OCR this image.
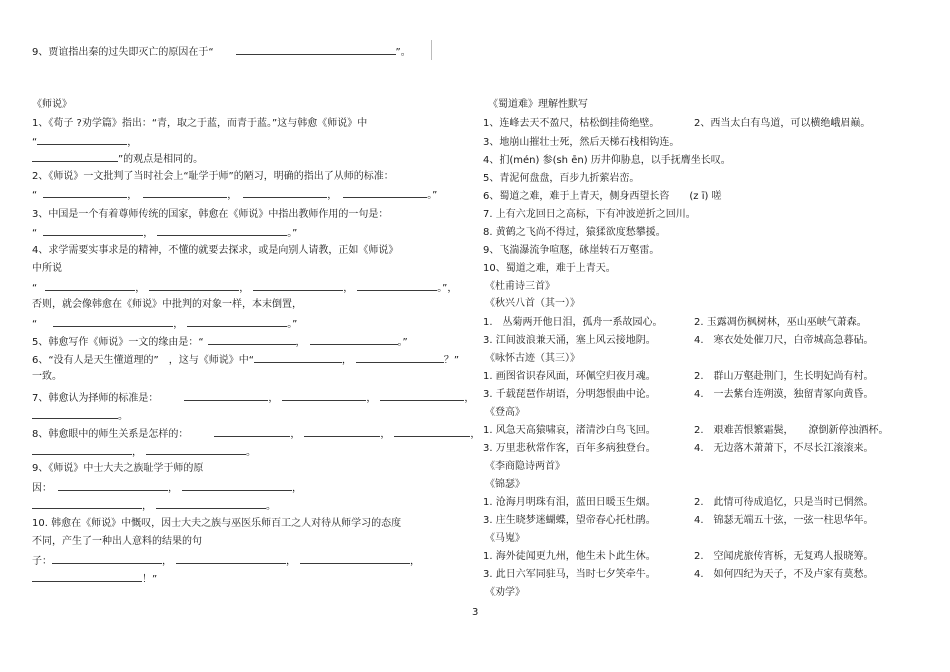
9、贾谊指出秦的过失即灭亡的原因在于“	”。
《师说》
1、《荀子 ?劝学篇》指出：“青，取之于蓝，而青于蓝。”这与韩愈《师说》中
“	，
”的观点是相同的。
2、《师说》一文批判了当时社会上“耻学于师”的陋习，明确的指出了从师的标准：
“	，	，	，	。”
3、中国是一个有着尊师传统的国家，韩愈在《师说》中指出教师作用的一句是：
“	，	。”
4、求学需要实事求是的精神，不懂的就要去探求，或是向别人请教，正如《师说》
中所说
“	，	，	，	。”，
否则，就会像韩愈在《师说》中批判的对象一样，本末倒置，
“	，	。”
5、韩愈写作《师说》一文的缘由是：“	，	。”
6、“没有人是天生懂道理的”　，这与《师说》中“	，	？”
一致。
7、韩愈认为择师的标准是：	，	，	，
。
8、韩愈眼中的师生关系是怎样的：	，	，	，
，	。
9、《师说》中士大夫之族耻学于师的原
因：	，	，
，	。
10. 韩愈在《师说》中慨叹，因士大夫之族与巫医乐师百工之人对待从师学习的态度
不同，产生了一种出人意料的结果的句
子：	，	，	，
！”
《蜀道难》理解性默写
1、连峰去天不盈尺，枯松倒挂倚绝壁。	2、西当太白有鸟道，可以横绝峨眉巅。
3、地崩山摧壮士死，然后天梯石栈相钩连。
4、扪(mén) 参(sh ēn) 历井仰胁息，以手抚膺坐长叹。
5、青泥何盘盘，百步九折萦岩峦。
6、蜀道之难，难于上青天，侧身西望长咨　　(z ī) 嗟
7. 上有六龙回日之高标，下有冲波逆折之回川。
8. 黄鹤之飞尚不得过，猿猱欲度愁攀援。
9、飞湍瀑流争喧豗，砯崖转石万壑雷。
10、蜀道之难，难于上青天。
《杜甫诗三首》
《秋兴八首（其一）》
1.　丛菊两开他日泪，孤舟一系故园心。	2. 玉露凋伤枫树林，巫山巫峡气萧森。
3. 江间波浪兼天涌，塞上风云接地阴。	4.　寒衣处处催刀尺，白帝城高急暮砧。
《咏怀古迹（其三）》
1. 画图省识春风面，环佩空归夜月魂。	2.　群山万壑赴荆门，生长明妃尚有村。
3. 千载琵琶作胡语，分明怨恨曲中论。	4.　一去紫台连朔漠，独留青冢向黄昏。
《登高》
1. 风急天高猿啸哀，渚清沙白鸟飞回。	2.　艰难苦恨繁霜鬓，　　潦倒新停浊酒杯。
3. 万里悲秋常作客，百年多病独登台。	4.　无边落木萧萧下，不尽长江滚滚来。
《李商隐诗两首》
《锦瑟》
1. 沧海月明珠有泪，蓝田日暖玉生烟。	2.　此情可待成追忆，只是当时已惘然。
3. 庄生晓梦迷蝴蝶，望帝春心托杜鹃。	4.　锦瑟无端五十弦，一弦一柱思华年。
《马嵬》
1. 海外徒闻更九州，他生未卜此生休。	2.　空闻虎旅传宵柝，无复鸡人报晓筹。
3. 此日六军同驻马，当时七夕笑牵牛。	4.　如何四纪为天子，不及卢家有莫愁。
《劝学》
3
